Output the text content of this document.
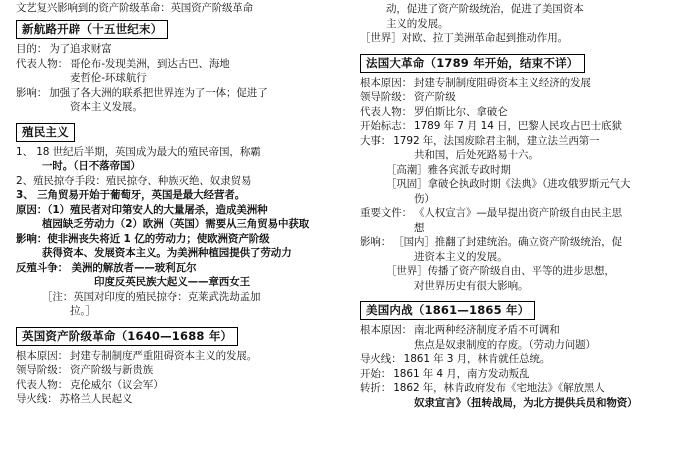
文艺复兴影响到的资产阶级革命：英国资产阶级革命
新航路开辟（十五世纪末）
目的： 为了追求财富
代表人物： 哥伦布-发现美洲，到达古巴、海地
麦哲伦-环球航行
影响： 加强了各大洲的联系把世界连为了一体；促进了
资本主义发展。
殖民主义
1、 18 世纪后半期，英国成为最大的殖民帝国，称霸
一时。（日不落帝国）
2、殖民掠夺手段：殖民掠夺、种族灭绝、奴隶贸易
3、 三角贸易开始于葡萄牙，英国是最大经营者。
原因：（1）殖民者对印第安人的大量屠杀，造成美洲种
植园缺乏劳动力（2）欧洲（英国）需要从三角贸易中获取
影响：使非洲丧失将近 1 亿的劳动力；使欧洲资产阶级
获得资本、发展资本主义。为美洲种植园提供了劳动力
反殖斗争： 美洲的解放者——玻利瓦尔
印度反英民族大起义——章西女王
［注：英国对印度的殖民掠夺：克莱武洗劫孟加
拉。］
英国资产阶级革命（1640—1688 年）
根本原因： 封建专制制度严重阻碍资本主义的发展。
领导阶级： 资产阶级与新贵族
代表人物： 克伦威尔（议会军）
导火线： 苏格兰人民起义
动，促进了资产阶级统治，促进了美国资本
主义的发展。
［世界］对欧、拉丁美洲革命起到推动作用。
法国大革命（1789 年开始，结束不详）
根本原因： 封建专制制度阻碍资本主义经济的发展
领导阶级： 资产阶级
代表人物： 罗伯斯比尔、拿破仑
开始标志： 1789 年 7 月 14 日，巴黎人民攻占巴士底狱
大事： 1792 年，法国废除君主制，建立法兰西第一
共和国，后处死路易十六。
［高潮］雅各宾派专政时期
［巩固］拿破仑执政时期《法典》（进攻俄罗斯元气大
伤）
重要文件： 《人权宣言》—最早提出资产阶级自由民主思
想
影响： ［国内］推翻了封建统治。确立资产阶级统治，促
进资本主义的发展。
［世界］传播了资产阶级自由、平等的进步思想，
对世界历史有很大影响。
美国内战（1861—1865 年）
根本原因： 南北两种经济制度矛盾不可调和
焦点是奴隶制度的存废。（劳动力问题）
导火线： 1861 年 3 月，林肯就任总统。
开始： 1861 年 4 月，南方发动叛乱
转折： 1862 年，林肯政府发布《宅地法》《解放黑人
奴隶宣言》（扭转战局，为北方提供兵员和物资）
